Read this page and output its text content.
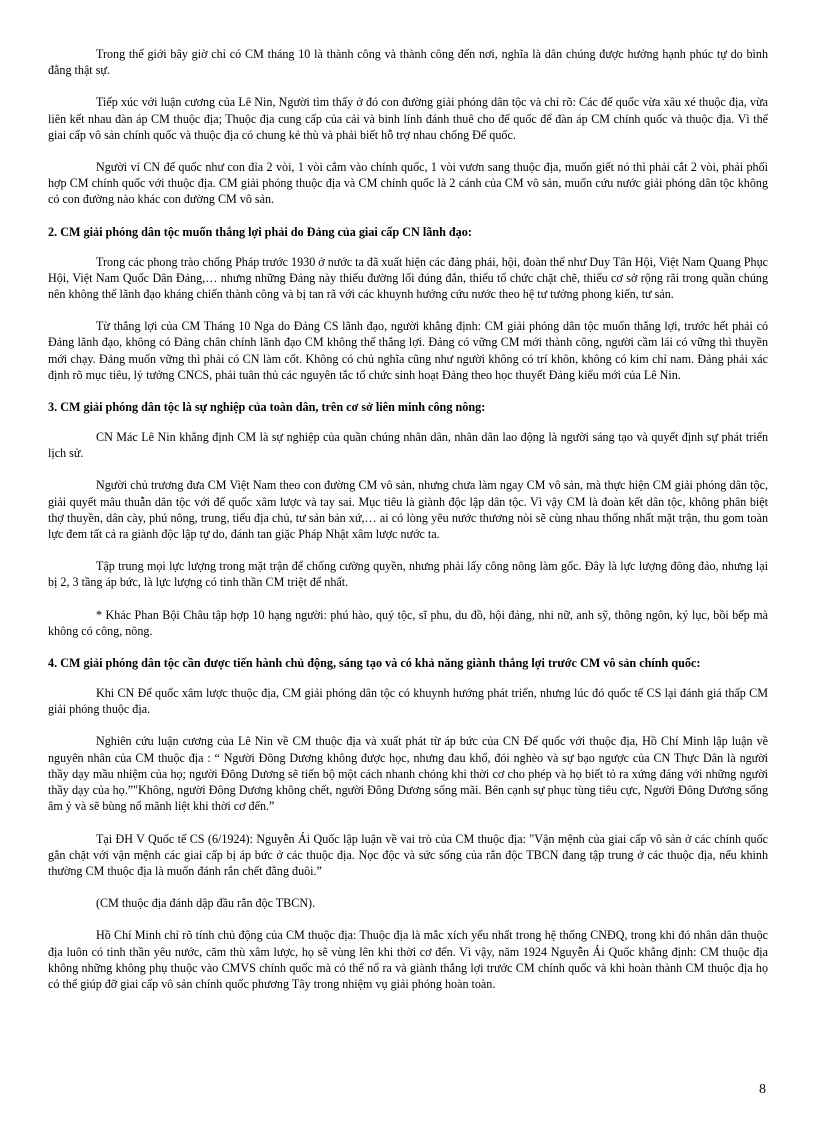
Trong thế giới bây giờ chỉ có CM tháng 10 là thành công và thành công đến nơi, nghĩa là dân chúng được hưởng hạnh phúc tự do bình đẳng thật sự.

Tiếp xúc với luận cương của Lê Nin, Người tìm thấy ở đó con đường giải phóng dân tộc và chỉ rõ: Các đế quốc vừa xâu xé thuộc địa, vừa liên kết nhau đàn áp CM thuộc địa; Thuộc địa cung cấp của cải và binh lính đánh thuê cho đế quốc để đàn áp CM chính quốc và thuộc địa. Vì thế giai cấp vô sản chính quốc và thuộc địa có chung kẻ thù và phải biết hỗ trợ nhau chống Đế quốc.

Người ví CN đế quốc như con đỉa 2 vòi, 1 vòi cắm vào chính quốc, 1 vòi vươn sang thuộc địa, muốn giết nó thì phải cắt 2 vòi, phải phối hợp CM chính quốc với thuộc địa. CM giải phóng thuộc địa và CM chính quốc là 2 cánh của CM vô sản, muốn cứu nước giải phóng dân tộc không có con đường nào khác con đường CM vô sản.

2. CM giải phóng dân tộc muốn thắng lợi phải do Đảng của giai cấp CN lãnh đạo:

Trong các phong trào chống Pháp trước 1930 ở nước ta đã xuất hiện các đảng phái, hội, đoàn thể như Duy Tân Hội, Việt Nam Quang Phục Hội, Việt Nam Quốc Dân Đảng,… nhưng những Đảng này thiếu đường lối đúng đắn, thiếu tổ chức chặt chẽ, thiếu cơ sở rộng rãi trong quần chúng nên không thể lãnh đạo kháng chiến thành công và bị tan rã với các khuynh hướng cứu nước theo hệ tư tưởng phong kiến, tư sản.

Từ thắng lợi của CM Tháng 10 Nga do Đảng CS lãnh đạo, người khẳng định: CM giải phóng dân tộc muốn thắng lợi, trước hết phải có Đảng lãnh đạo, không có Đảng chân chính lãnh đạo CM không thể thắng lợi. Đảng có vững CM mới thành công, người cầm lái có vững thì thuyền mới chạy. Đảng muốn vững thì phải có CN làm cốt. Không có chủ nghĩa cũng như người không có trí khôn, không có kim chỉ nam. Đảng phải xác định rõ mục tiêu, lý tưởng CNCS, phải tuân thủ các nguyên tắc tổ chức sinh hoạt Đảng theo học thuyết Đảng kiểu mới của Lê Nin.

3. CM giải phóng dân tộc là sự nghiệp của toàn dân, trên cơ sở liên minh công nông:

CN Mác Lê Nin khẳng định CM là sự nghiệp của quần chúng nhân dân, nhân dân lao động là người sáng tạo và quyết định sự phát triển lịch sử.

Người chủ trương đưa CM Việt Nam theo con đường CM vô sản, nhưng chưa làm ngay CM vô sản, mà thực hiện CM giải phóng dân tộc, giải quyết mâu thuẫn dân tộc với đế quốc xâm lược và tay sai. Mục tiêu là giành độc lập dân tộc. Vì vậy CM là đoàn kết dân tộc, không phân biệt thợ thuyền, dân cày, phú nông, trung, tiểu địa chủ, tư sản bản xứ,… ai có lòng yêu nước thương nòi sẽ cùng nhau thống nhất mặt trận, thu gom toàn lực đem tất cả ra giành độc lập tự do, đánh tan giặc Pháp Nhật xâm lược nước ta.

Tập trung mọi lực lượng trong mặt trận để chống cường quyền, nhưng phải lấy công nông làm gốc. Đây là lực lượng đông đảo, nhưng lại bị 2, 3 tầng áp bức, là lực lượng có tinh thần CM triệt để nhất.

* Khác Phan Bội Châu tập hợp 10 hạng người: phú hào, quý tộc, sĩ phu, du đồ, hội đảng, nhi nữ, anh sỹ, thông ngôn, ký lục, bồi bếp mà không có công, nông.

4. CM giải phóng dân tộc cần được tiến hành chủ động, sáng tạo và có khả năng giành thắng lợi trước CM vô sản chính quốc:

Khi CN Đế quốc xâm lược thuộc địa, CM giải phóng dân tộc có khuynh hướng phát triển, nhưng lúc đó quốc tế CS lại đánh giá thấp CM giải phóng thuộc địa.

Nghiên cứu luận cương của Lê Nin về CM thuộc địa và xuất phát từ áp bức của CN Đế quốc với thuộc địa, Hồ Chí Minh lập luận về nguyên nhân của CM thuộc địa : “ Người Đông Dương không được học, nhưng đau khổ, đói nghèo và sự bạo ngược của CN Thực Dân là người thầy dạy mầu nhiệm của họ; người Đông Dương sẽ tiến bộ một cách nhanh chóng khi thời cơ cho phép và họ biết tỏ ra xứng đáng với những người thầy dạy của họ.”"Không, người Đông Dương không chết, người Đông Dương sống mãi. Bên cạnh sự phục tùng tiêu cực, Người Đông Dương sống âm ỷ và sẽ bùng nổ mãnh liệt khi thời cơ đến.”

Tại ĐH V Quốc tế CS (6/1924): Nguyễn Ái Quốc lập luận về vai trò của CM thuộc địa: "Vận mệnh của giai cấp vô sản ở các chính quốc gắn chặt với vận mệnh các giai cấp bị áp bức ở các thuộc địa. Nọc độc và sức sống của rắn độc TBCN đang tập trung ở các thuộc địa, nếu khinh thường CM thuộc địa là muốn đánh rắn chết đằng đuôi.”

(CM thuộc địa đánh dập đầu rắn độc TBCN).

Hồ Chí Minh chỉ rõ tính chủ động của CM thuộc địa: Thuộc địa là mắc xích yếu nhất trong hệ thống CNĐQ, trong khi đó nhân dân thuộc địa luôn có tinh thần yêu nước, căm thù xâm lược, họ sẽ vùng lên khi thời cơ đến. Vì vậy, năm 1924 Nguyễn Ái Quốc khẳng định: CM thuộc địa không những không phụ thuộc vào CMVS chính quốc mà có thể nổ ra và giành thắng lợi trước CM chính quốc và khi hoàn thành CM thuộc địa họ có thể giúp đỡ giai cấp vô sản chính quốc phương Tây trong nhiệm vụ giải phóng hoàn toàn.

8
